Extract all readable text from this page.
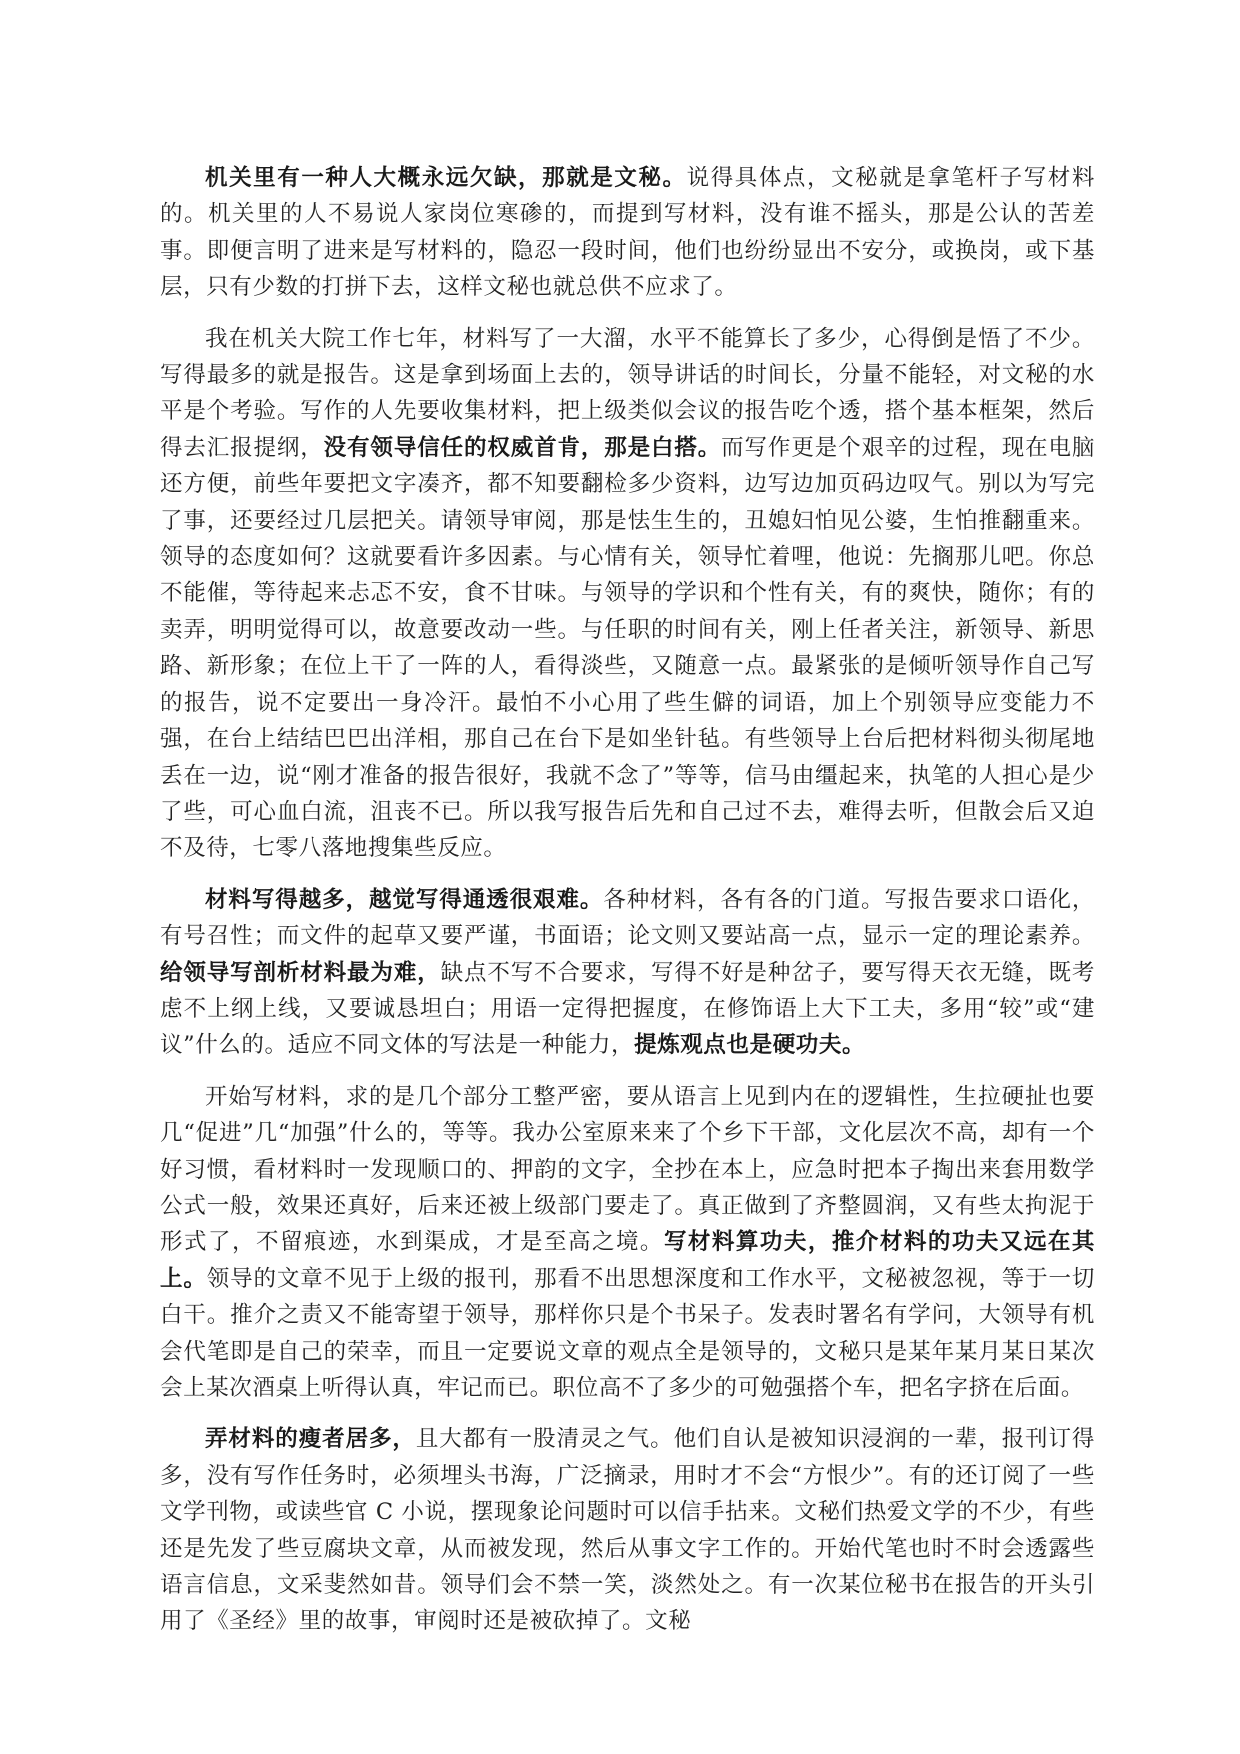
机关里有一种人大概永远欠缺，那就是文秘。说得具体点，文秘就是拿笔杆子写材料的。机关里的人不易说人家岗位寒碜的，而提到写材料，没有谁不摇头，那是公认的苦差事。即便言明了进来是写材料的，隐忍一段时间，他们也纷纷显出不安分，或换岗，或下基层，只有少数的打拼下去，这样文秘也就总供不应求了。

我在机关大院工作七年，材料写了一大溜，水平不能算长了多少，心得倒是悟了不少。写得最多的就是报告。这是拿到场面上去的，领导讲话的时间长，分量不能轻，对文秘的水平是个考验。写作的人先要收集材料，把上级类似会议的报告吃个透，搭个基本框架，然后得去汇报提纲，没有领导信任的权威首肯，那是白搭。而写作更是个艰辛的过程，现在电脑还方便，前些年要把文字凑齐，都不知要翻检多少资料，边写边加页码边叹气。别以为写完了事，还要经过几层把关。请领导审阅，那是怯生生的，丑媳妇怕见公婆，生怕推翻重来。领导的态度如何？这就要看许多因素。与心情有关，领导忙着哩，他说：先搁那儿吧。你总不能催，等待起来忐忑不安，食不甘味。与领导的学识和个性有关，有的爽快，随你；有的卖弄，明明觉得可以，故意要改动一些。与任职的时间有关，刚上任者关注，新领导、新思路、新形象；在位上干了一阵的人，看得淡些，又随意一点。最紧张的是倾听领导作自己写的报告，说不定要出一身冷汗。最怕不小心用了些生僻的词语，加上个别领导应变能力不强，在台上结结巴巴出洋相，那自己在台下是如坐针毡。有些领导上台后把材料彻头彻尾地丢在一边，说“刚才准备的报告很好，我就不念了”等等，信马由缰起来，执笔的人担心是少了些，可心血白流，沮丧不已。所以我写报告后先和自己过不去，难得去听，但散会后又迫不及待，七零八落地搜集些反应。

材料写得越多，越觉写得通透很艰难。各种材料，各有各的门道。写报告要求口语化，有号召性；而文件的起草又要严谨，书面语；论文则又要站高一点，显示一定的理论素养。给领导写剖析材料最为难，缺点不写不合要求，写得不好是种岔子，要写得天衣无缝，既考虑不上纲上线，又要诚恳坦白；用语一定得把握度，在修饰语上大下工夫，多用“较”或“建议”什么的。适应不同文体的写法是一种能力，提炼观点也是硬功夫。

开始写材料，求的是几个部分工整严密，要从语言上见到内在的逻辑性，生拉硬扯也要几“促进”几“加强”什么的，等等。我办公室原来来了个乡下干部，文化层次不高，却有一个好习惯，看材料时一发现顺口的、押韵的文字，全抄在本上，应急时把本子掏出来套用数学公式一般，效果还真好，后来还被上级部门要走了。真正做到了齐整圆润，又有些太拘泥于形式了，不留痕迹，水到渠成，才是至高之境。写材料算功夫，推介材料的功夫又远在其上。领导的文章不见于上级的报刊，那看不出思想深度和工作水平，文秘被忽视，等于一切白干。推介之责又不能寄望于领导，那样你只是个书呆子。发表时署名有学问，大领导有机会代笔即是自己的荣幸，而且一定要说文章的观点全是领导的，文秘只是某年某月某日某次会上某次酒桌上听得认真，牢记而已。职位高不了多少的可勉强搭个车，把名字挤在后面。

弄材料的瘦者居多，且大都有一股清灵之气。他们自认是被知识浸润的一辈，报刊订得多，没有写作任务时，必须埋头书海，广泛摘录，用时才不会“方恨少”。有的还订阅了一些文学刊物，或读些官 C 小说，摆现象论问题时可以信手拈来。文秘们热爱文学的不少，有些还是先发了些豆腐块文章，从而被发现，然后从事文字工作的。开始代笔也时不时会透露些语言信息，文采斐然如昔。领导们会不禁一笑，淡然处之。有一次某位秘书在报告的开头引用了《圣经》里的故事，审阅时还是被砍掉了。文秘
